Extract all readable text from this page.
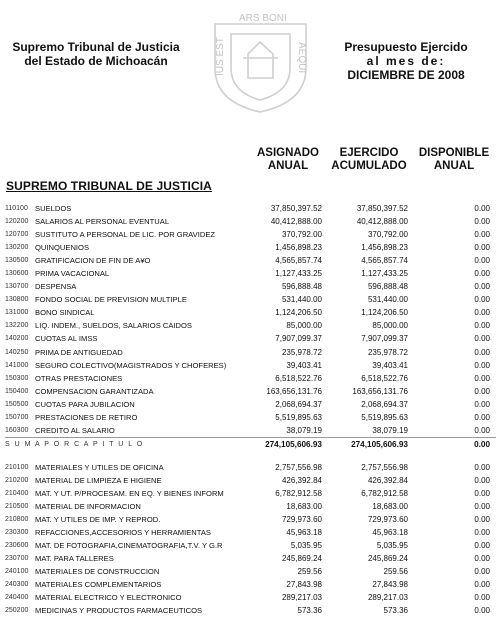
Supremo Tribunal de Justicia
del Estado de Michoacán	IUS EST
ARS BONI
AEQUI	Presupuesto Ejercido
al mes de:
DICIEMBRE DE 2008
ASIGNADO
ANUAL
EJERCIDO
ACUMULADO
DISPONIBLE
ANUAL
SUPREMO TRIBUNAL DE JUSTICIA
110100 SUELDOS	37,850,397.52	37,850,397.52	0.00
120200 SALARIOS AL PERSONAL EVENTUAL	40,412,888.00	40,412,888.00	0.00
120700 SUSTITUTO A PERSONAL DE LIC. POR GRAVIDEZ	370,792.00	370,792.00	0.00
130200 QUINQUENIOS	1,456,898.23	1,456,898.23	0.00
130500 GRATIFICACION DE FIN DE A¥O	4,565,857.74	4,565,857.74	0.00
130600 PRIMA VACACIONAL	1,127,433.25	1,127,433.25	0.00
130700 DESPENSA	596,888.48	596,888.48	0.00
130800 FONDO SOCIAL DE PREVISION MULTIPLE	531,440.00	531,440.00	0.00
131000 BONO SINDICAL	1,124,206.50	1,124,206.50	0.00
132200 LIQ. INDEM., SUELDOS, SALARIOS CAIDOS	85,000.00	85,000.00	0.00
140200 CUOTAS AL IMSS	7,907,099.37	7,907,099.37	0.00
140250 PRIMA DE ANTIGUEDAD	235,978.72	235,978.72	0.00
141000 SEGURO COLECTIVO(MAGISTRADOS Y CHOFERES)	39,403.41	39,403.41	0.00
150300 OTRAS PRESTACIONES	6,518,522.76	6,518,522.76	0.00
150400 COMPENSACION GARANTIZADA	163,656,131.76	163,656,131.76	0.00
150500 CUOTAS PARA JUBILACION	2,068,694.37	2,068,694.37	0.00
150700 PRESTACIONES DE RETIRO	5,519,895.63	5,519,895.63	0.00
160300 CREDITO AL SALARIO	38,079.19	38,079.19	0.00
S U M A P O R C A P I T U L O	274,105,606.93	274,105,606.93	0.00
210100 MATERIALES Y UTILES DE OFICINA	2,757,556.98	2,757,556.98	0.00
210200 MATERIAL DE LIMPIEZA E HIGIENE	426,392.84	426,392.84	0.00
210400 MAT. Y UT. P/PROCESAM. EN EQ. Y BIENES INFORM	6,782,912.58	6,782,912.58	0.00
210500 MATERIAL DE INFORMACION	18,683.00	18,683.00	0.00
210800 MAT. Y UTILES DE IMP. Y REPROD.	729,973.60	729,973.60	0.00
230300 REFACCIONES,ACCESORIOS Y HERRAMIENTAS	45,963.18	45,963.18	0.00
230600 MAT. DE FOTOGRAFIA,CINEMATOGRAFIA,T.V. Y G.R	5,035.95	5,035.95	0.00
230700 MAT. PARA TALLERES	245,869.24	245,869.24	0.00
240100 MATERIALES DE CONSTRUCCION	259.56	259.56	0.00
240300 MATERIALES COMPLEMENTARIOS	27,843.98	27,843.98	0.00
240400 MATERIAL ELECTRICO Y ELECTRONICO	289,217.03	289,217.03	0.00
250200 MEDICINAS Y PRODUCTOS FARMACEUTICOS	573.36	573.36	0.00
